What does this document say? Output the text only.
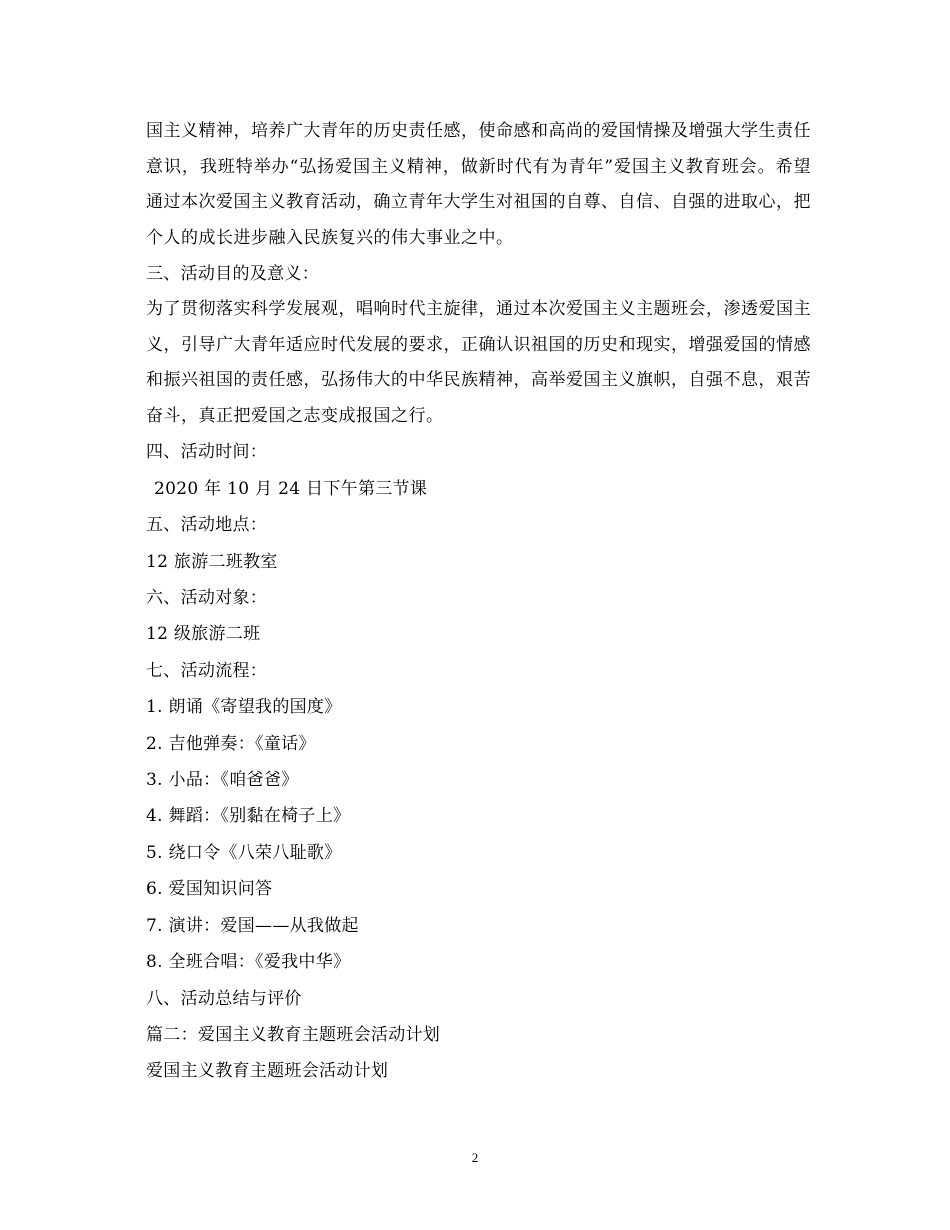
国主义精神，培养广大青年的历史责任感，使命感和高尚的爱国情操及增强大学生责任意识，我班特举办“弘扬爱国主义精神，做新时代有为青年”爱国主义教育班会。希望通过本次爱国主义教育活动，确立青年大学生对祖国的自尊、自信、自强的进取心，把个人的成长进步融入民族复兴的伟大事业之中。

三、活动目的及意义：

为了贯彻落实科学发展观，唱响时代主旋律，通过本次爱国主义主题班会，渗透爱国主义，引导广大青年适应时代发展的要求，正确认识祖国的历史和现实，增强爱国的情感和振兴祖国的责任感，弘扬伟大的中华民族精神，高举爱国主义旗帜，自强不息，艰苦奋斗，真正把爱国之志变成报国之行。

四、活动时间：

2020 年 10 月 24 日下午第三节课

五、活动地点：

12 旅游二班教室

六、活动对象：

12 级旅游二班

七、活动流程：

1. 朗诵《寄望我的国度》

2. 吉他弹奏：《童话》

3. 小品：《咱爸爸》

4. 舞蹈：《别黏在椅子上》

5. 绕口令《八荣八耻歌》

6. 爱国知识问答

7. 演讲：爱国——从我做起

8. 全班合唱：《爱我中华》

八、活动总结与评价

篇二：爱国主义教育主题班会活动计划

爱国主义教育主题班会活动计划

2
